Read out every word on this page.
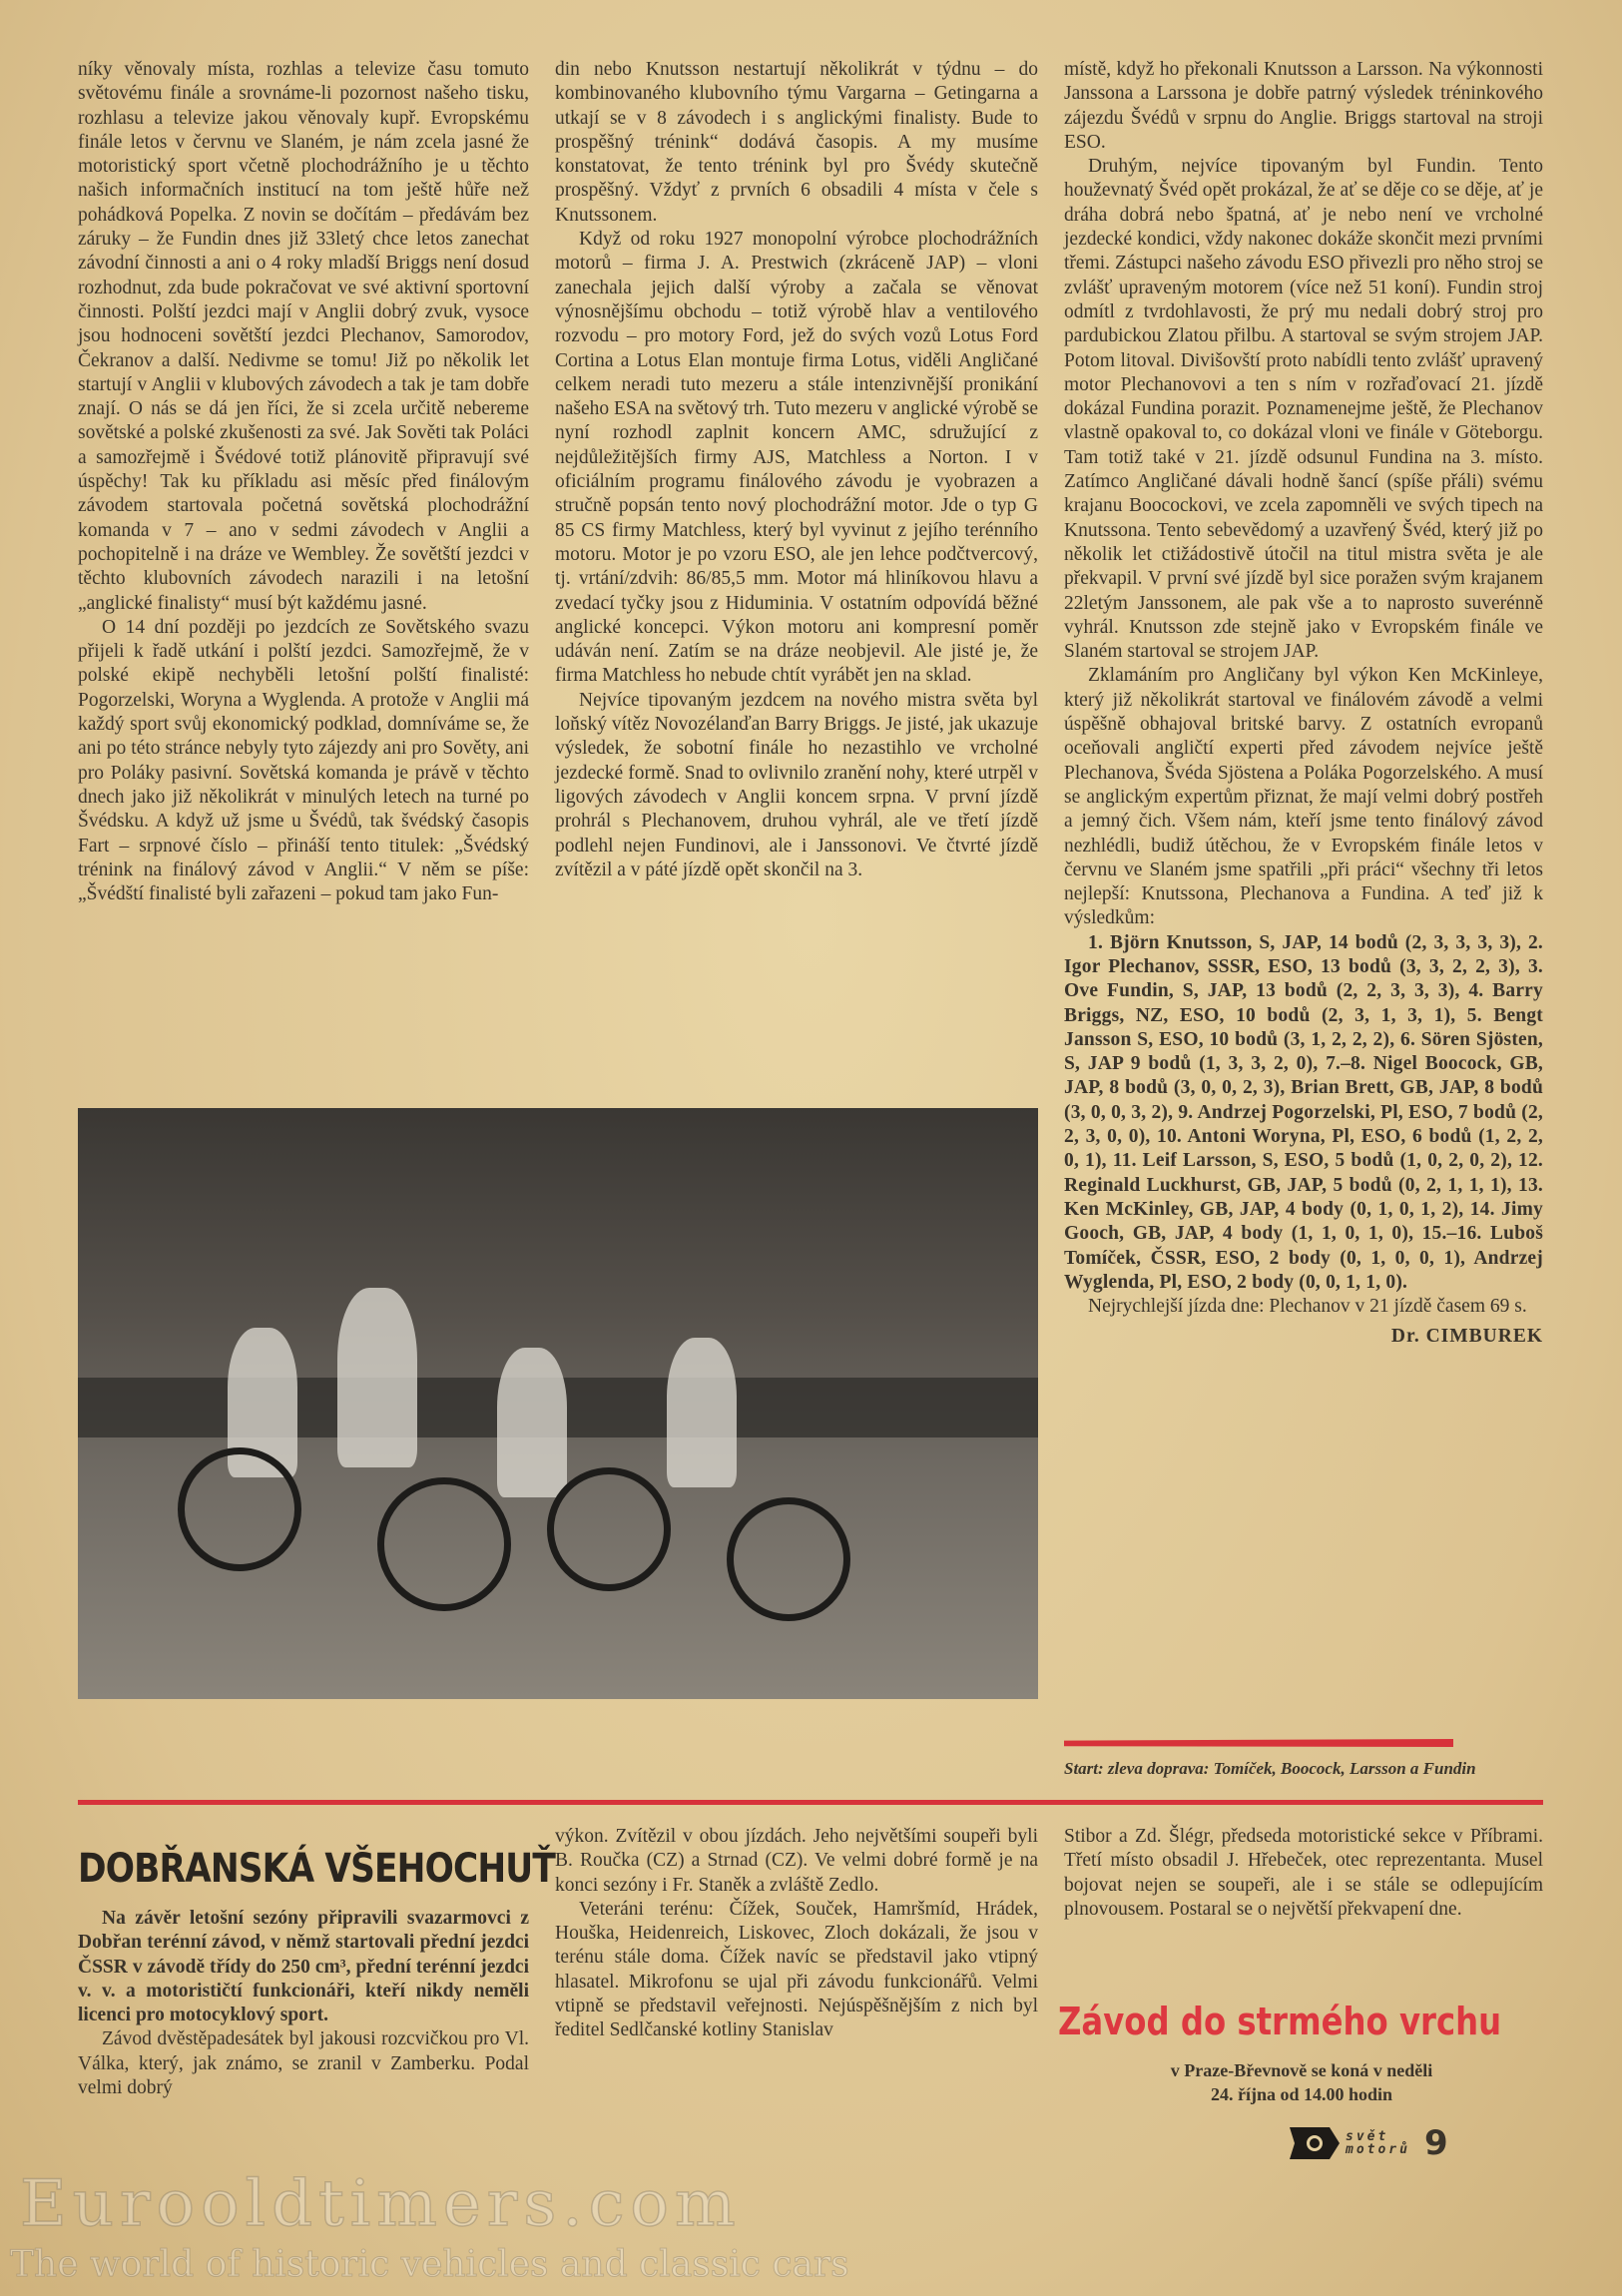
níky věnovaly místa, rozhlas a televize času tomuto světovému finále a srovnáme-li pozornost našeho tisku, rozhlasu a televize jakou věnovaly kupř. Evropskému finále letos v červnu ve Slaném, je nám zcela jasné že motoristický sport včetně plochodrážního je u těchto našich informačních institucí na tom ještě hůře než pohádková Popelka. Z novin se dočítám – předávám bez záruky – že Fundin dnes již 33letý chce letos zanechat závodní činnosti a ani o 4 roky mladší Briggs není dosud rozhodnut, zda bude pokračovat ve své aktivní sportovní činnosti. Polští jezdci mají v Anglii dobrý zvuk, vysoce jsou hodnoceni sovětští jezdci Plechanov, Samorodov, Čekranov a další. Nedivme se tomu! Již po několik let startují v Anglii v klubových závodech a tak je tam dobře znají. O nás se dá jen říci, že si zcela určitě nebereme sovětské a polské zkušenosti za své. Jak Sověti tak Poláci a samozřejmě i Švédové totiž plánovitě připravují své úspěchy! Tak ku příkladu asi měsíc před finálovým závodem startovala početná sovětská plochodrážní komanda v 7 – ano v sedmi závodech v Anglii a pochopitelně i na dráze ve Wembley. Že sovětští jezdci v těchto klubovních závodech narazili i na letošní „anglické finalisty“ musí být každému jasné.

O 14 dní později po jezdcích ze Sovětského svazu přijeli k řadě utkání i polští jezdci. Samozřejmě, že v polské ekipě nechyběli letošní polští finalisté: Pogorzelski, Woryna a Wyglenda. A protože v Anglii má každý sport svůj ekonomický podklad, domníváme se, že ani po této stránce nebyly tyto zájezdy ani pro Sověty, ani pro Poláky pasivní. Sovětská komanda je právě v těchto dnech jako již několikrát v minulých letech na turné po Švédsku. A když už jsme u Švédů, tak švédský časopis Fart – srpnové číslo – přináší tento titulek: „Švédský trénink na finálový závod v Anglii.“ V něm se píše: „Švédští finalisté byli zařazeni – pokud tam jako Fun-

din nebo Knutsson nestartují několikrát v týdnu – do kombinovaného klubovního týmu Vargarna – Getingarna a utkají se v 8 závodech i s anglickými finalisty. Bude to prospěšný trénink“ dodává časopis. A my musíme konstatovat, že tento trénink byl pro Švédy skutečně prospěšný. Vždyť z prvních 6 obsadili 4 místa v čele s Knutssonem.

Když od roku 1927 monopolní výrobce plochodrážních motorů – firma J. A. Prestwich (zkráceně JAP) – vloni zanechala jejich další výroby a začala se věnovat výnosnějšímu obchodu – totiž výrobě hlav a ventilového rozvodu – pro motory Ford, jež do svých vozů Lotus Ford Cortina a Lotus Elan montuje firma Lotus, viděli Angličané celkem neradi tuto mezeru a stále intenzivnější pronikání našeho ESA na světový trh. Tuto mezeru v anglické výrobě se nyní rozhodl zaplnit koncern AMC, sdružující z nejdůležitějších firmy AJS, Matchless a Norton. I v oficiálním programu finálového závodu je vyobrazen a stručně popsán tento nový plochodrážní motor. Jde o typ G 85 CS firmy Matchless, který byl vyvinut z jejího terénního motoru. Motor je po vzoru ESO, ale jen lehce podčtvercový, tj. vrtání/zdvih: 86/85,5 mm. Motor má hliníkovou hlavu a zvedací tyčky jsou z Hiduminia. V ostatním odpovídá běžné anglické koncepci. Výkon motoru ani kompresní poměr udáván není. Zatím se na dráze neobjevil. Ale jisté je, že firma Matchless ho nebude chtít vyrábět jen na sklad.

Nejvíce tipovaným jezdcem na nového mistra světa byl loňský vítěz Novozélanďan Barry Briggs. Je jisté, jak ukazuje výsledek, že sobotní finále ho nezastihlo ve vrcholné jezdecké formě. Snad to ovlivnilo zranění nohy, které utrpěl v ligových závodech v Anglii koncem srpna. V první jízdě prohrál s Plechanovem, druhou vyhrál, ale ve třetí jízdě podlehl nejen Fundinovi, ale i Janssonovi. Ve čtvrté jízdě zvítězil a v páté jízdě opět skončil na 3.

místě, když ho překonali Knutsson a Larsson. Na výkonnosti Janssona a Larssona je dobře patrný výsledek tréninkového zájezdu Švédů v srpnu do Anglie. Briggs startoval na stroji ESO.

Druhým, nejvíce tipovaným byl Fundin. Tento houževnatý Švéd opět prokázal, že ať se děje co se děje, ať je dráha dobrá nebo špatná, ať je nebo není ve vrcholné jezdecké kondici, vždy nakonec dokáže skončit mezi prvními třemi. Zástupci našeho závodu ESO přivezli pro něho stroj se zvlášť upraveným motorem (více než 51 koní). Fundin stroj odmítl z tvrdohlavosti, že prý mu nedali dobrý stroj pro pardubickou Zlatou přilbu. A startoval se svým strojem JAP. Potom litoval. Divišovští proto nabídli tento zvlášť upravený motor Plechanovovi a ten s ním v rozřaďovací 21. jízdě dokázal Fundina porazit. Poznamenejme ještě, že Plechanov vlastně opakoval to, co dokázal vloni ve finále v Göteborgu. Tam totiž také v 21. jízdě odsunul Fundina na 3. místo. Zatímco Angličané dávali hodně šancí (spíše přáli) svému krajanu Boocockovi, ve zcela zapomněli ve svých tipech na Knutssona. Tento sebevědomý a uzavřený Švéd, který již po několik let ctižádostivě útočil na titul mistra světa je ale překvapil. V první své jízdě byl sice poražen svým krajanem 22letým Janssonem, ale pak vše a to naprosto suverénně vyhrál. Knutsson zde stejně jako v Evropském finále ve Slaném startoval se strojem JAP.

Zklamáním pro Angličany byl výkon Ken McKinleye, který již několikrát startoval ve finálovém závodě a velmi úspěšně obhajoval britské barvy. Z ostatních evropanů oceňovali angličtí experti před závodem nejvíce ještě Plechanova, Švéda Sjöstena a Poláka Pogorzelského. A musí se anglickým expertům přiznat, že mají velmi dobrý postřeh a jemný čich. Všem nám, kteří jsme tento finálový závod nezhlédli, budiž útěchou, že v Evropském finále letos v červnu ve Slaném jsme spatřili „při práci“ všechny tři letos nejlepší: Knutssona, Plechanova a Fundina. A teď již k výsledkům:

1. Björn Knutsson, S, JAP, 14 bodů (2, 3, 3, 3, 3), 2. Igor Plechanov, SSSR, ESO, 13 bodů (3, 3, 2, 2, 3), 3. Ove Fundin, S, JAP, 13 bodů (2, 2, 3, 3, 3), 4. Barry Briggs, NZ, ESO, 10 bodů (2, 3, 1, 3, 1), 5. Bengt Jansson S, ESO, 10 bodů (3, 1, 2, 2, 2), 6. Sören Sjösten, S, JAP 9 bodů (1, 3, 3, 2, 0), 7.–8. Nigel Boocock, GB, JAP, 8 bodů (3, 0, 0, 2, 3), Brian Brett, GB, JAP, 8 bodů (3, 0, 0, 3, 2), 9. Andrzej Pogorzelski, Pl, ESO, 7 bodů (2, 2, 3, 0, 0), 10. Antoni Woryna, Pl, ESO, 6 bodů (1, 2, 2, 0, 1), 11. Leif Larsson, S, ESO, 5 bodů (1, 0, 2, 0, 2), 12. Reginald Luckhurst, GB, JAP, 5 bodů (0, 2, 1, 1, 1), 13. Ken McKinley, GB, JAP, 4 body (0, 1, 0, 1, 2), 14. Jimy Gooch, GB, JAP, 4 body (1, 1, 0, 1, 0), 15.–16. Luboš Tomíček, ČSSR, ESO, 2 body (0, 1, 0, 0, 1), Andrzej Wyglenda, Pl, ESO, 2 body (0, 0, 1, 1, 0).

Nejrychlejší jízda dne: Plechanov v 21 jízdě časem 69 s.

Dr. CIMBUREK
Start: zleva doprava: Tomíček, Boocock, Larsson a Fundin
DOBŘANSKÁ VŠEHOCHUŤ

Na závěr letošní sezóny připravili svazarmovci z Dobřan terénní závod, v němž startovali přední jezdci ČSSR v závodě třídy do 250 cm³, přední terénní jezdci v. v. a motorističtí funkcionáři, kteří nikdy neměli licenci pro motocyklový sport.

Závod dvěstěpadesátek byl jakousi rozcvičkou pro Vl. Válka, který, jak známo, se zranil v Zamberku. Podal velmi dobrý

výkon. Zvítězil v obou jízdách. Jeho největšími soupeři byli B. Roučka (CZ) a Strnad (CZ). Ve velmi dobré formě je na konci sezóny i Fr. Staněk a zvláště Zedlo.

Veteráni terénu: Čížek, Souček, Hamršmíd, Hrádek, Houška, Heidenreich, Liskovec, Zloch dokázali, že jsou v terénu stále doma. Čížek navíc se představil jako vtipný hlasatel. Mikrofonu se ujal při závodu funkcionářů. Velmi vtipně se představil veřejnosti. Nejúspěšnějším z nich byl ředitel Sedlčanské kotliny Stanislav

Stibor a Zd. Šlégr, předseda motoristické sekce v Příbrami. Třetí místo obsadil J. Hřebeček, otec reprezentanta. Musel bojovat nejen se soupeři, ale i se stále se odlepujícím plnovousem. Postaral se o největší překvapení dne.

Závod do strmého vrchu
v Praze-Břevnově se koná v neděli
24. října od 14.00 hodin
svět
motorů 9
Eurooldtimers.com
The world of historic vehicles and classic cars
